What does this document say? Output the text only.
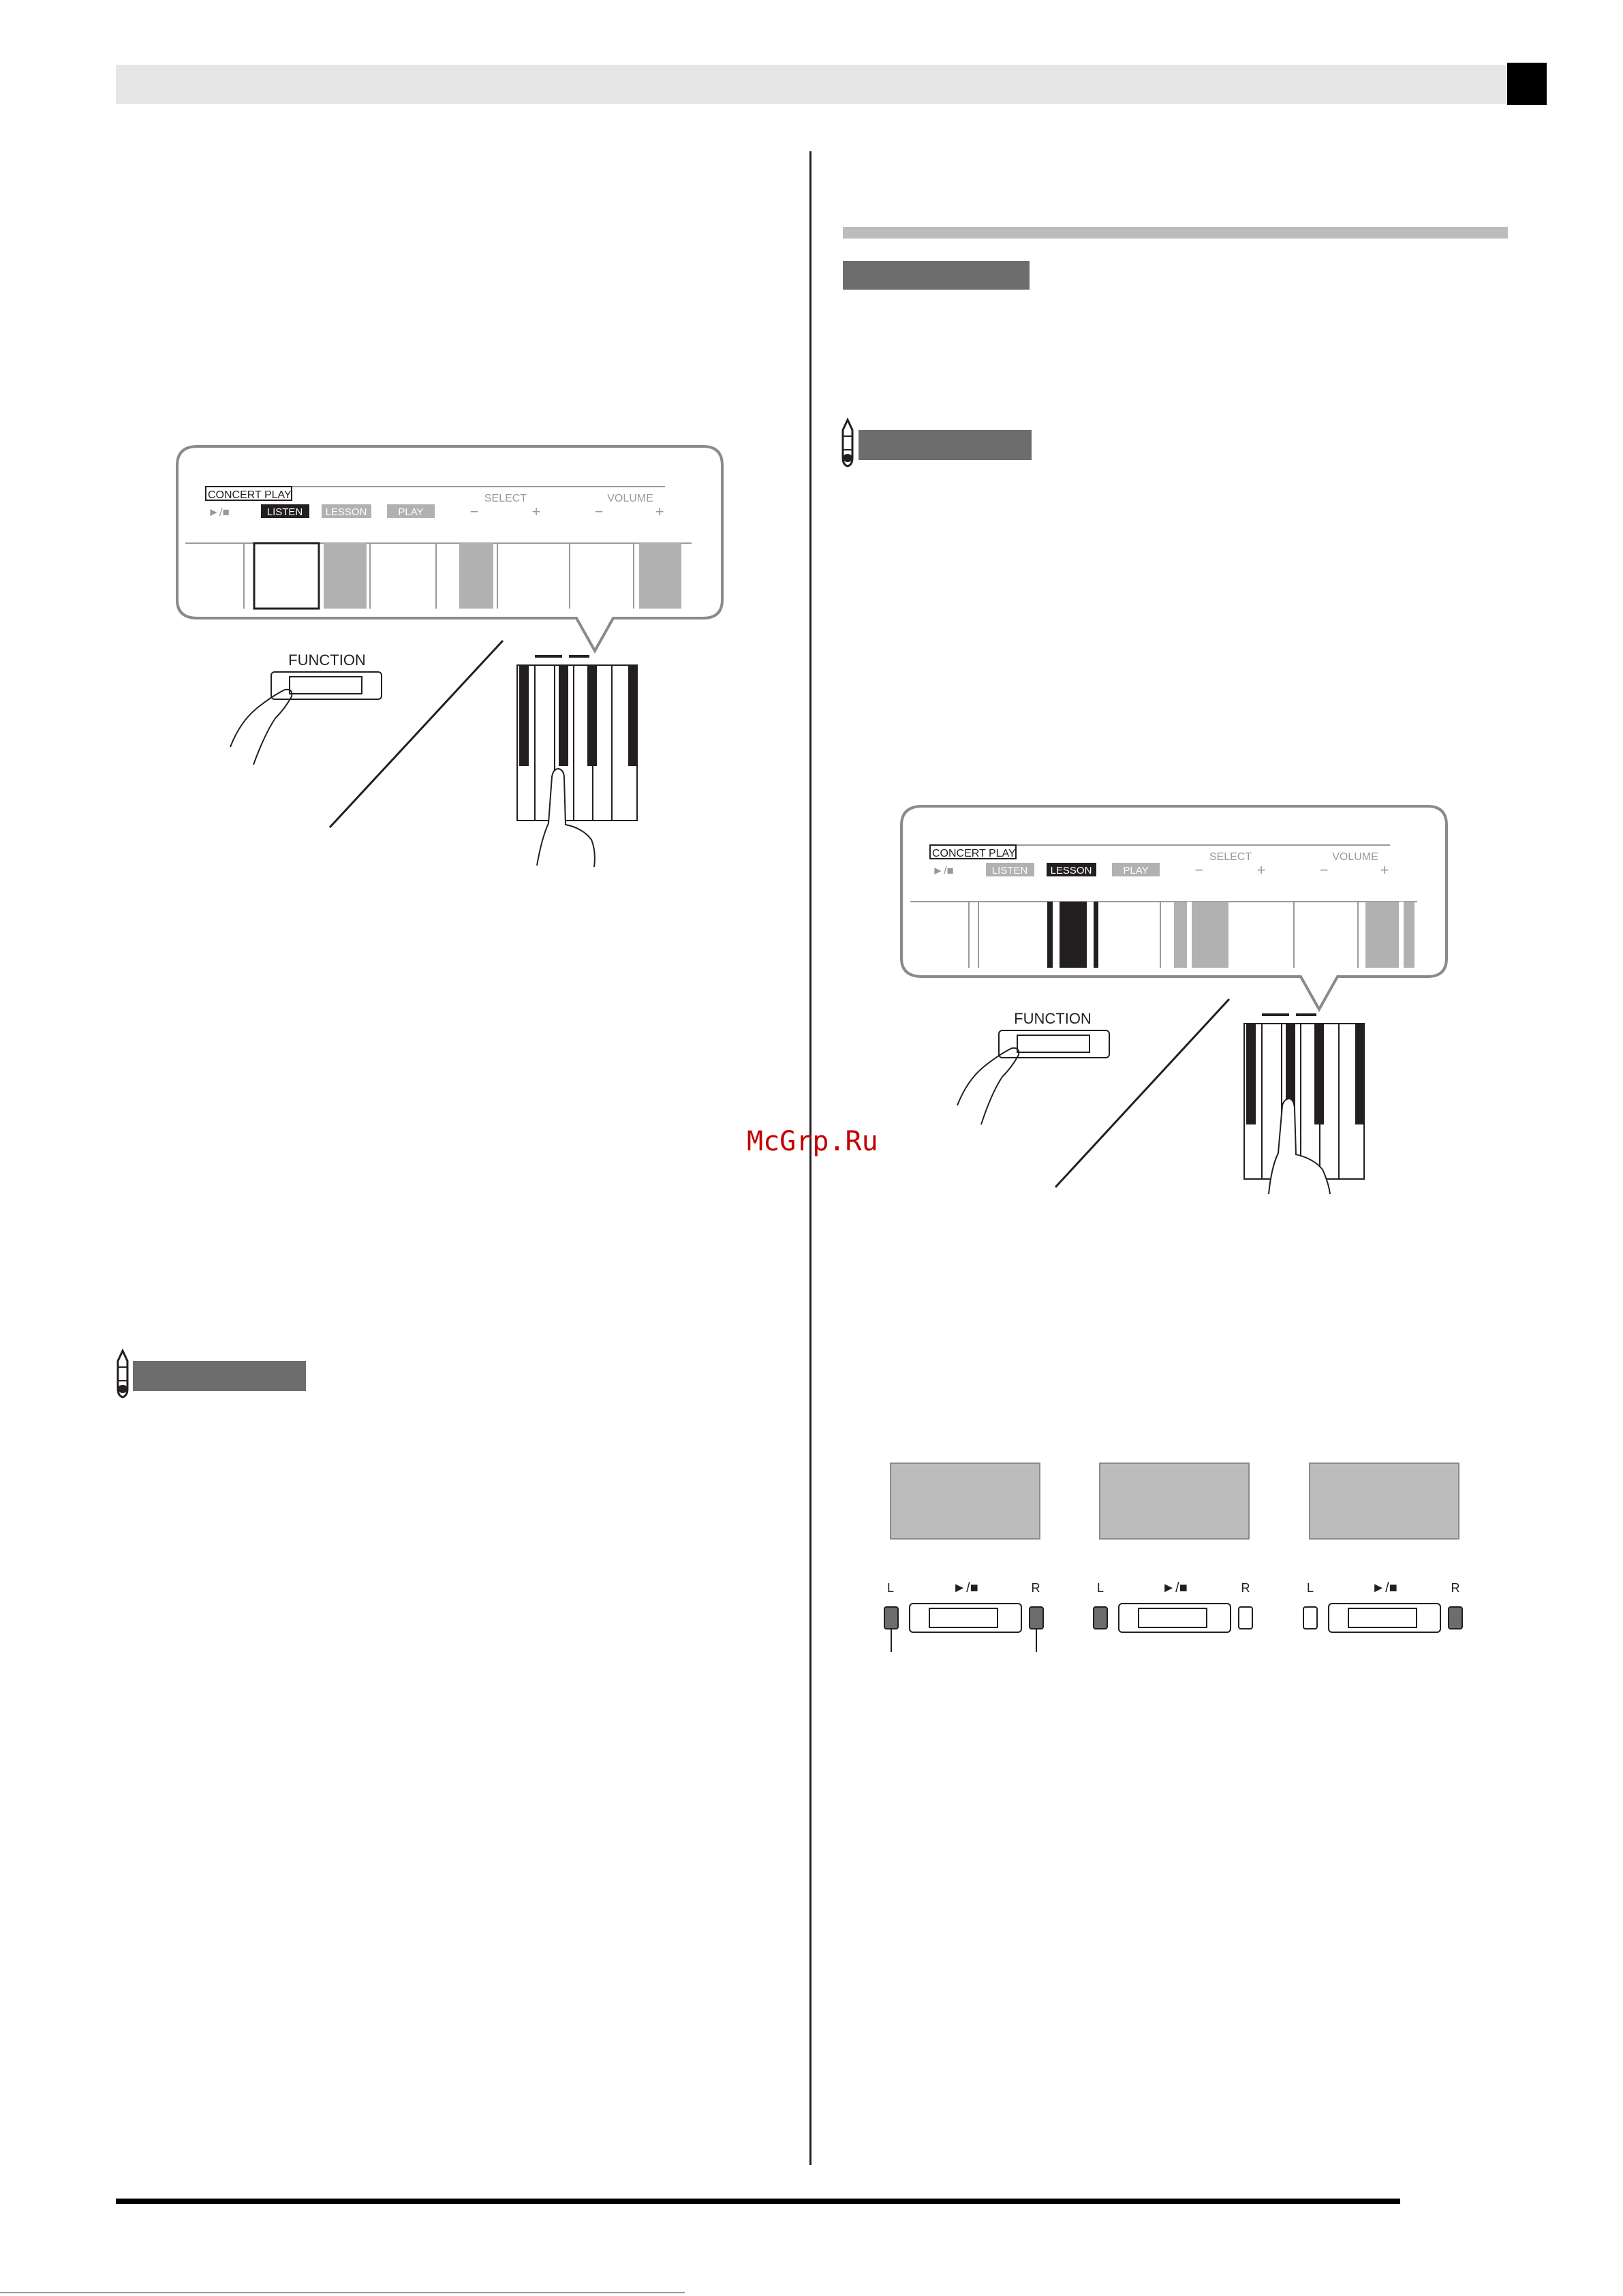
McGrp.Ru
CONCERT PLAY
►/■	LISTEN LESSON	PLAY
SELECT
−	+
VOLUME
−	+
FUNCTION
CONCERT PLAY
►/■	LISTEN LESSON	PLAY
SELECT
−	+
VOLUME
−	+
FUNCTION
L	►/■	R	L	►/■	R	L	►/■	R
